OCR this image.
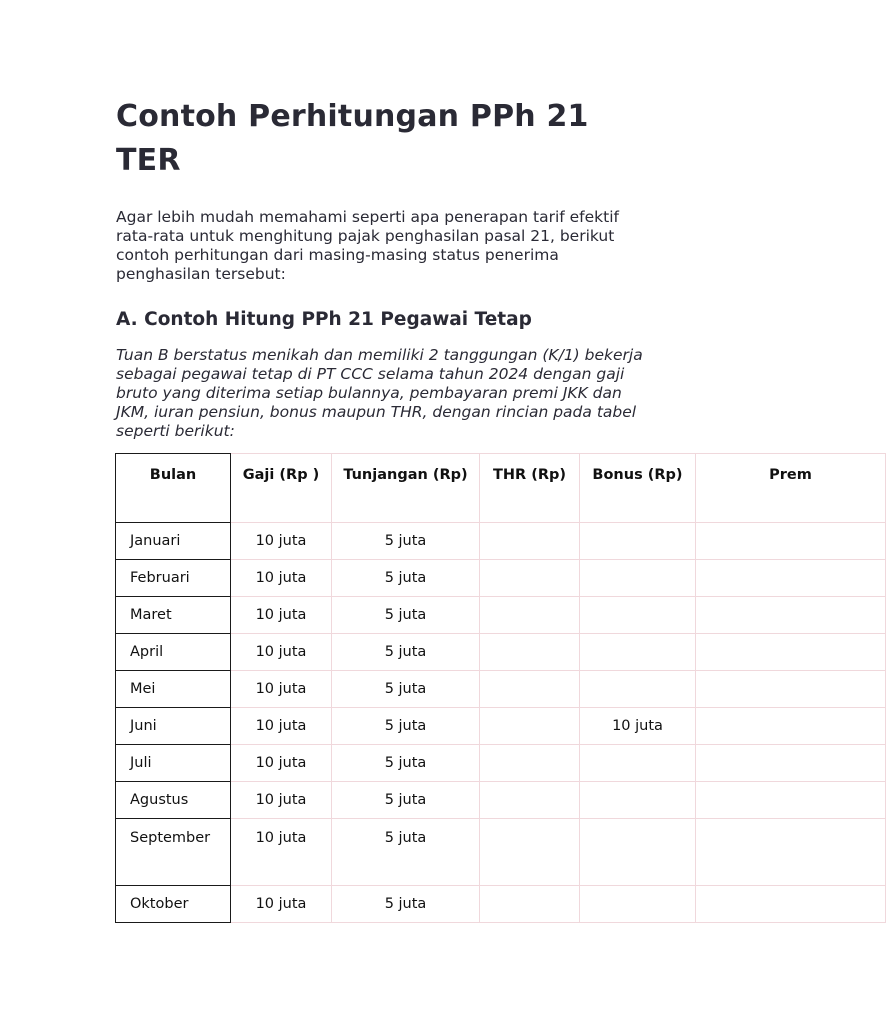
Contoh Perhitungan PPh 21 TER

Agar lebih mudah memahami seperti apa penerapan tarif efektif rata-rata untuk menghitung pajak penghasilan pasal 21, berikut contoh perhitungan dari masing-masing status penerima penghasilan tersebut:

A. Contoh Hitung PPh 21 Pegawai Tetap

Tuan B berstatus menikah dan memiliki 2 tanggungan (K/1) bekerja sebagai pegawai tetap di PT CCC selama tahun 2024 dengan gaji bruto yang diterima setiap bulannya, pembayaran premi JKK dan JKM, iuran pensiun, bonus maupun THR, dengan rincian pada tabel seperti berikut:

Bulan	Gaji (Rp )	Tunjangan (Rp)	THR (Rp)	Bonus (Rp)	Prem
Januari	10 juta	5 juta			
Februari	10 juta	5 juta			
Maret	10 juta	5 juta			
April	10 juta	5 juta			
Mei	10 juta	5 juta			
Juni	10 juta	5 juta		10 juta	
Juli	10 juta	5 juta			
Agustus	10 juta	5 juta			
September	10 juta	5 juta			
Oktober	10 juta	5 juta			
